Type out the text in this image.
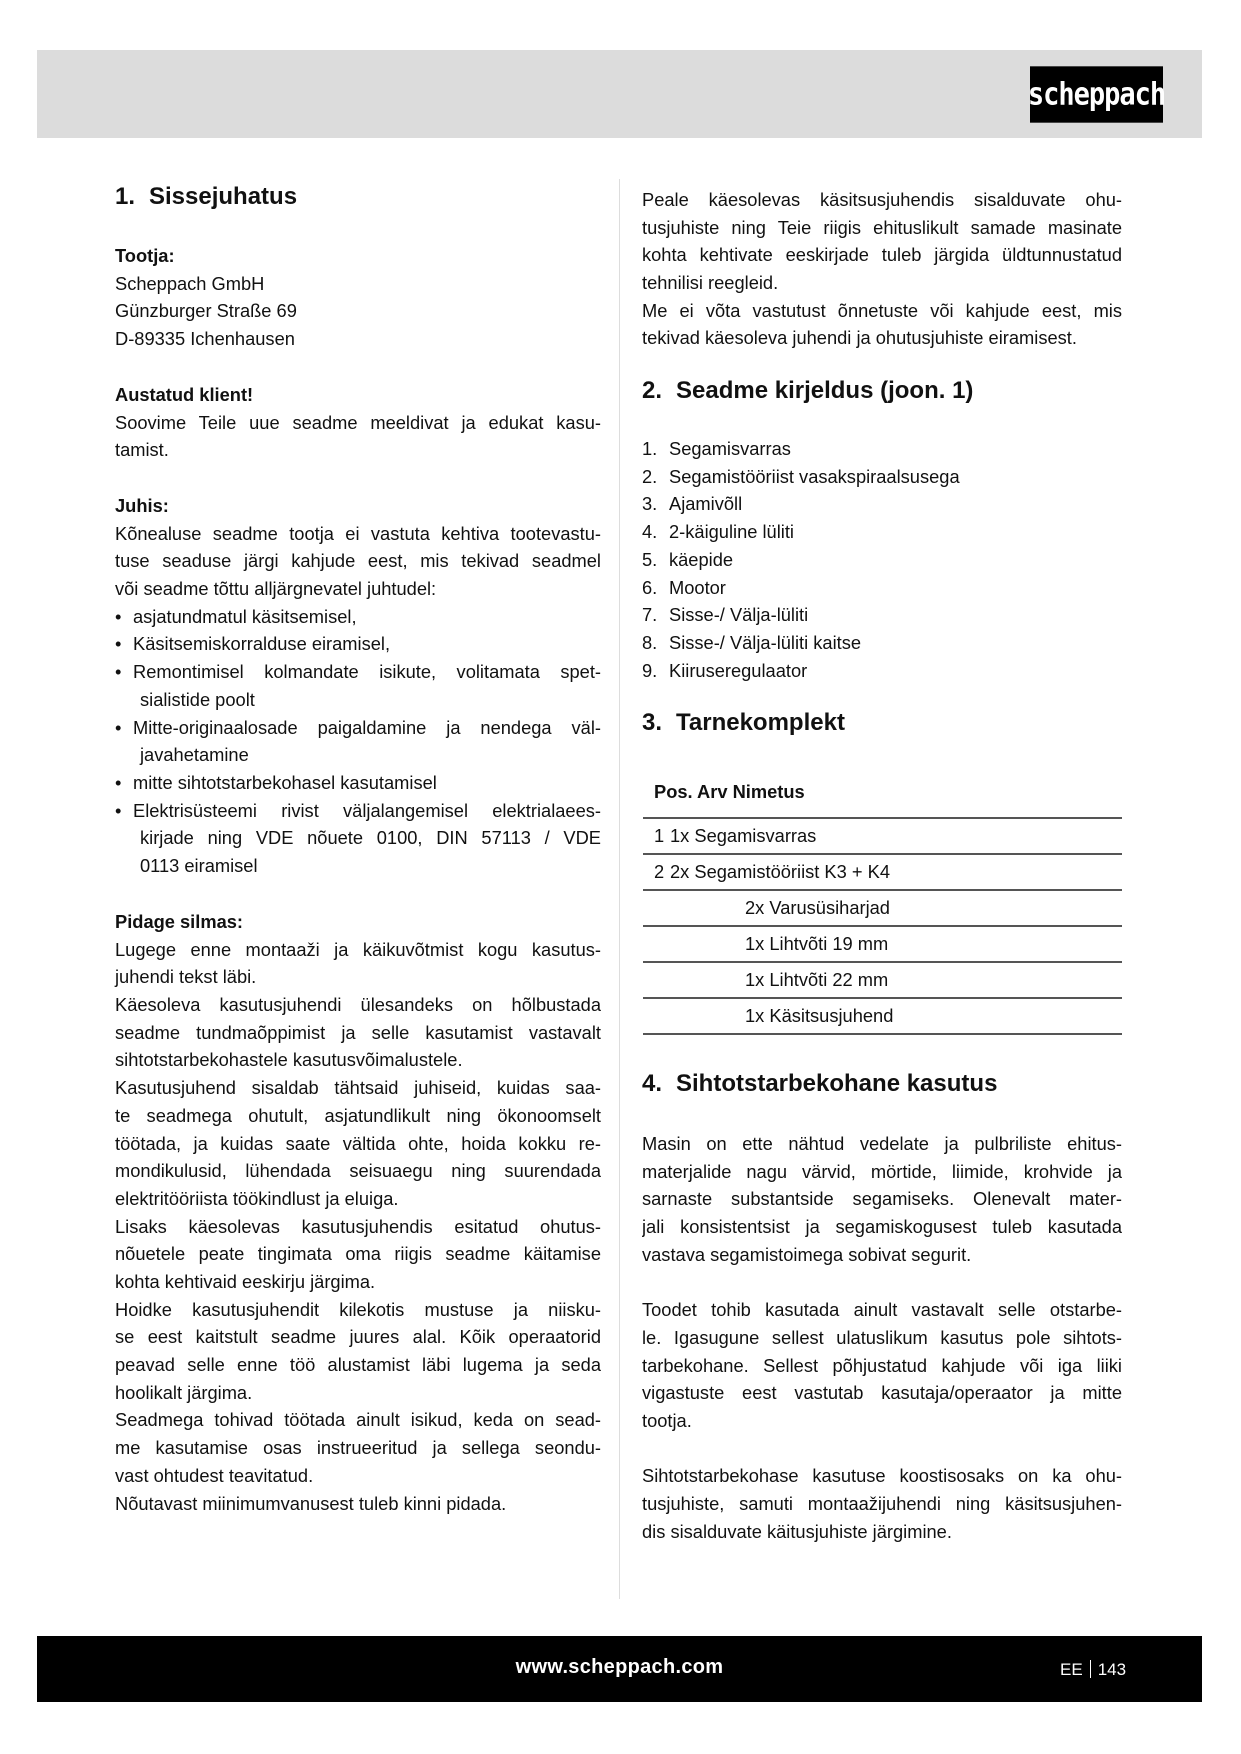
scheppach
1. Sissejuhatus
Tootja:
Scheppach GmbH
Günzburger Straße 69
D-89335 Ichenhausen
Austatud klient!
Soovime Teile uue seadme meeldivat ja edukat kasu-
tamist.
Juhis:
Kõnealuse seadme tootja ei vastuta kehtiva tootevastu-
tuse seaduse järgi kahjude eest, mis tekivad seadmel
või seadme tõttu alljärgnevatel juhtudel:
• asjatundmatul käsitsemisel,
• Käsitsemiskorralduse eiramisel,
• Remontimisel kolmandate isikute, volitamata spet-
sialistide poolt
• Mitte-originaalosade paigaldamine ja nendega väl-
javahetamine
• mitte sihtotstarbekohasel kasutamisel
• Elektrisüsteemi rivist väljalangemisel elektrialaees-
kirjade ning VDE nõuete 0100, DIN 57113 / VDE
0113 eiramisel
Pidage silmas:
Lugege enne montaaži ja käikuvõtmist kogu kasutus-
juhendi tekst läbi.
Käesoleva kasutusjuhendi ülesandeks on hõlbustada
seadme tundmaõppimist ja selle kasutamist vastavalt
sihtotstarbekohastele kasutusvõimalustele.
Kasutusjuhend sisaldab tähtsaid juhiseid, kuidas saa-
te seadmega ohutult, asjatundlikult ning ökonoomselt
töötada, ja kuidas saate vältida ohte, hoida kokku re-
mondikulusid, lühendada seisuaegu ning suurendada
elektritööriista töökindlust ja eluiga.
Lisaks käesolevas kasutusjuhendis esitatud ohutus-
nõuetele peate tingimata oma riigis seadme käitamise
kohta kehtivaid eeskirju järgima.
Hoidke kasutusjuhendit kilekotis mustuse ja niisku-
se eest kaitstult seadme juures alal. Kõik operaatorid
peavad selle enne töö alustamist läbi lugema ja seda
hoolikalt järgima.
Seadmega tohivad töötada ainult isikud, keda on sead-
me kasutamise osas instrueeritud ja sellega seondu-
vast ohtudest teavitatud.
Nõutavast miinimumvanusest tuleb kinni pidada.
Peale käesolevas käsitsusjuhendis sisalduvate ohu-
tusjuhiste ning Teie riigis ehituslikult samade masinate
kohta kehtivate eeskirjade tuleb järgida üldtunnustatud
tehnilisi reegleid.
Me ei võta vastutust õnnetuste või kahjude eest, mis
tekivad käesoleva juhendi ja ohutusjuhiste eiramisest.
2. Seadme kirjeldus (joon. 1)
1. Segamisvarras
2. Segamistööriist vasakspiraalsusega
3. Ajamivõll
4. 2-käiguline lüliti
5. käepide
6. Mootor
7. Sisse-/ Välja-lüliti
8. Sisse-/ Välja-lüliti kaitse
9. Kiiruseregulaator
3. Tarnekomplekt
Pos. Arv Nimetus
1 1x Segamisvarras
2 2x Segamistööriist K3 + K4
2x Varusüsiharjad
1x Lihtvõti 19 mm
1x Lihtvõti 22 mm
1x Käsitsusjuhend
4. Sihtotstarbekohane kasutus
Masin on ette nähtud vedelate ja pulbriliste ehitus-
materjalide nagu värvid, mörtide, liimide, krohvide ja
sarnaste substantside segamiseks. Olenevalt mater-
jali konsistentsist ja segamiskogusest tuleb kasutada
vastava segamistoimega sobivat segurit.
Toodet tohib kasutada ainult vastavalt selle otstarbe-
le. Igasugune sellest ulatuslikum kasutus pole sihtots-
tarbekohane. Sellest põhjustatud kahjude või iga liiki
vigastuste eest vastutab kasutaja/operaator ja mitte
tootja.
Sihtotstarbekohase kasutuse koostisosaks on ka ohu-
tusjuhiste, samuti montaažijuhendi ning käsitsusjuhen-
dis sisalduvate käitusjuhiste järgimine.
www.scheppach.com	EE 143
